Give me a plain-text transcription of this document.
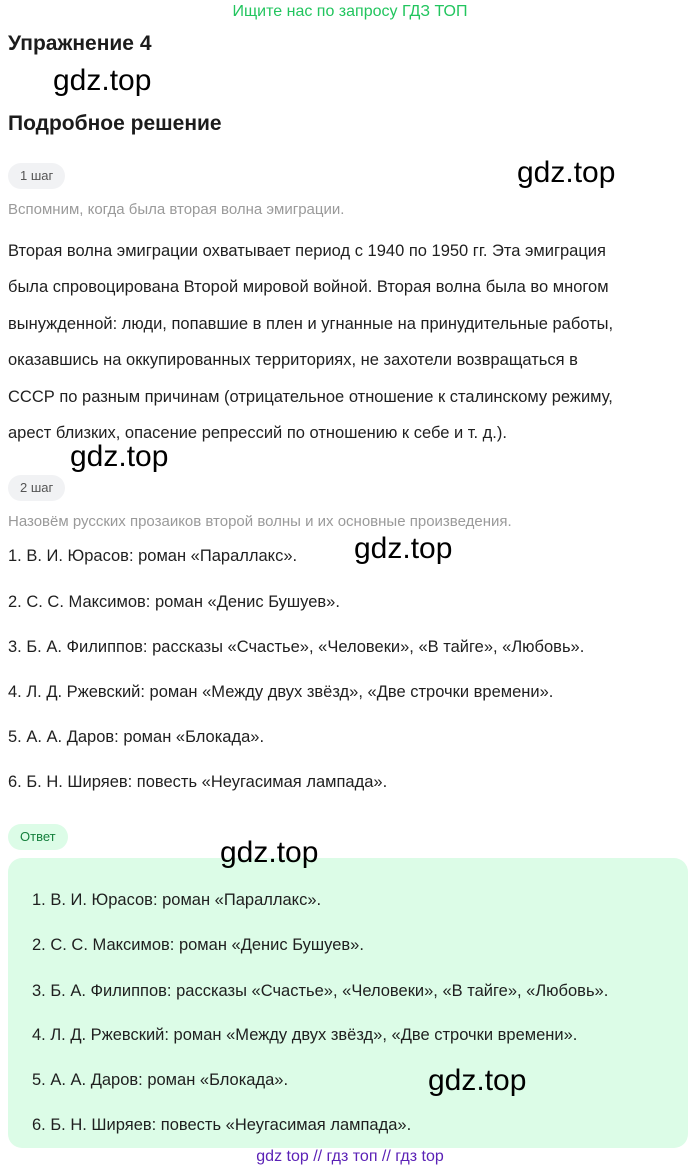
Ищите нас по запросу ГДЗ ТОП
Упражнение 4
gdz.top
Подробное решение
1 шаг	gdz.top
Вспомним, когда была вторая волна эмиграции.
Вторая волна эмиграции охватывает период с 1940 по 1950 гг. Эта эмиграция
была спровоцирована Второй мировой войной. Вторая волна была во многом
вынужденной: люди, попавшие в плен и угнанные на принудительные работы,
оказавшись на оккупированных территориях, не захотели возвращаться в
СССР по разным причинам (отрицательное отношение к сталинскому режиму,
арест близких, опасение репрессий по отношению к себе и т. д.).
gdz.top
2 шаг
Назовём русских прозаиков второй волны и их основные произведения.
1. В. И. Юрасов: роман «Параллакс». gdz.top
2. С. С. Максимов: роман «Денис Бушуев».
3. Б. А. Филиппов: рассказы «Счастье», «Человеки», «В тайге», «Любовь».
4. Л. Д. Ржевский: роман «Между двух звёзд», «Две строчки времени».
5. А. А. Даров: роман «Блокада».
6. Б. Н. Ширяев: повесть «Неугасимая лампада».
Ответ	gdz.top
1. В. И. Юрасов: роман «Параллакс».
2. С. С. Максимов: роман «Денис Бушуев».
3. Б. А. Филиппов: рассказы «Счастье», «Человеки», «В тайге», «Любовь».
4. Л. Д. Ржевский: роман «Между двух звёзд», «Две строчки времени».
5. А. А. Даров: роман «Блокада».	gdz.top
6. Б. Н. Ширяев: повесть «Неугасимая лампада».
gdz top // гдз топ // гдз top
